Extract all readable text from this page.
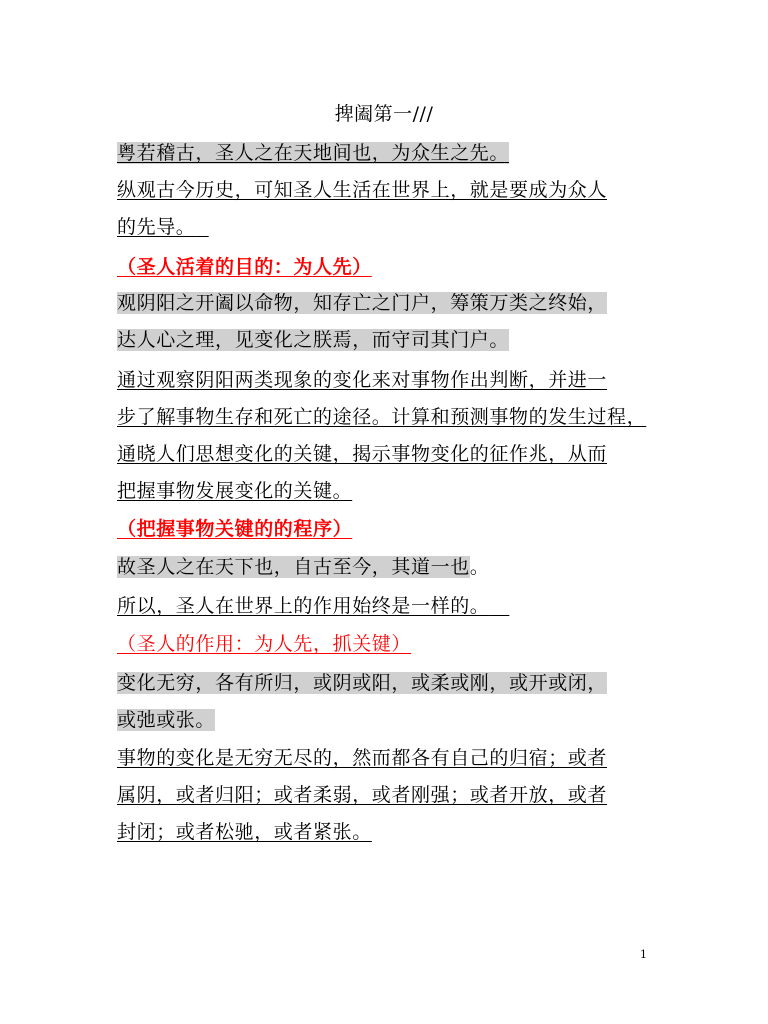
捭阖第一///
粤若稽古，圣人之在天地间也，为众生之先。
纵观古今历史，可知圣人生活在世界上，就是要成为众人
的先导。
（圣人活着的目的：为人先）
观阴阳之开阖以命物，知存亡之门户，筹策万类之终始，
达人心之理，见变化之朕焉，而守司其门户。
通过观察阴阳两类现象的变化来对事物作出判断，并进一
步了解事物生存和死亡的途径。计算和预测事物的发生过程，
通晓人们思想变化的关键，揭示事物变化的征作兆，从而
把握事物发展变化的关键。
（把握事物关键的的程序）
故圣人之在天下也，自古至今，其道一也。
所以，圣人在世界上的作用始终是一样的。
（圣人的作用：为人先，抓关键）
变化无穷，各有所归，或阴或阳，或柔或刚，或开或闭，
或弛或张。
事物的变化是无穷无尽的，然而都各有自己的归宿；或者
属阴，或者归阳；或者柔弱，或者刚强；或者开放，或者
封闭；或者松驰，或者紧张。
1
